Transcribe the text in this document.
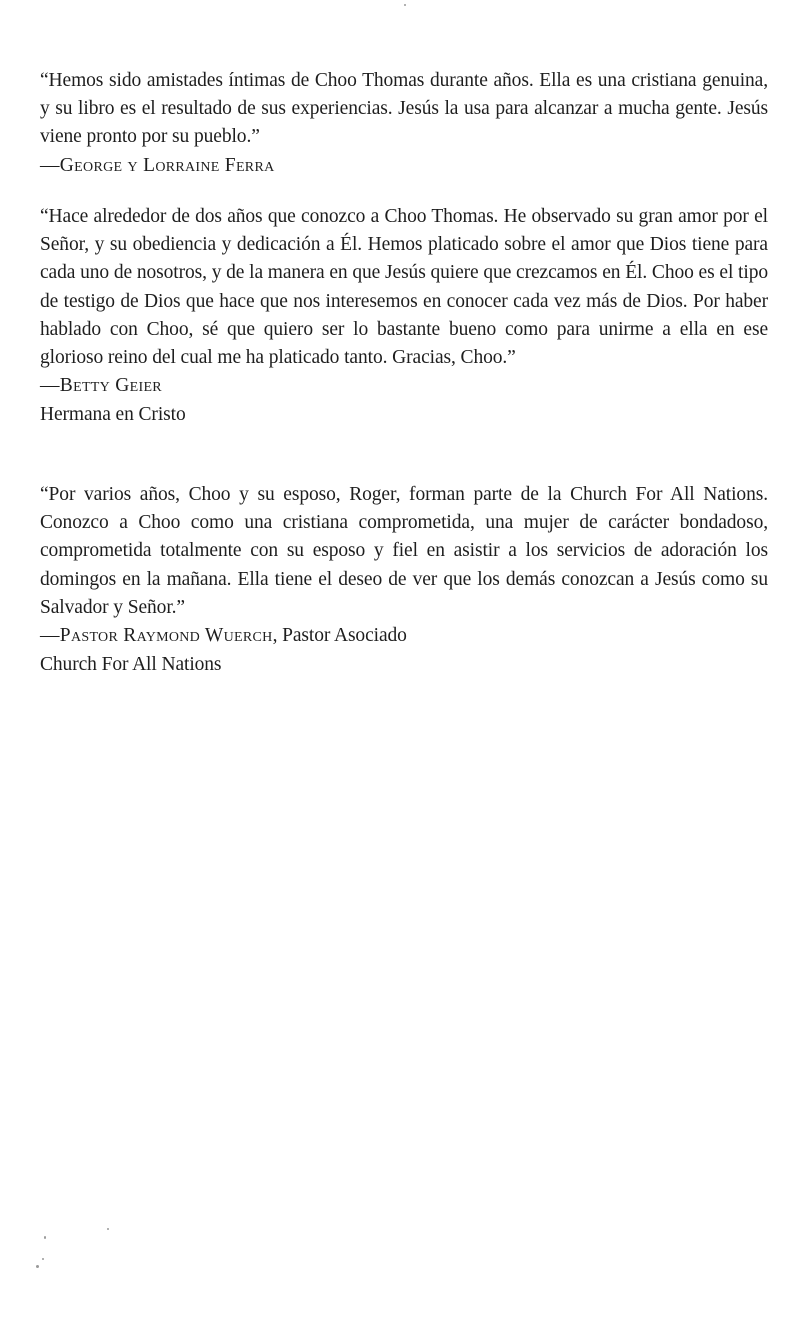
“Hemos sido amistades íntimas de Choo Thomas durante años. Ella es una cristiana genuina, y su libro es el resultado de sus experiencias. Jesús la usa para alcanzar a mucha gente. Jesús viene pronto por su pueblo.”

—George y Lorraine Ferra

“Hace alrededor de dos años que conozco a Choo Thomas. He observado su gran amor por el Señor, y su obediencia y dedicación a Él. Hemos platicado sobre el amor que Dios tiene para cada uno de nosotros, y de la manera en que Jesús quiere que crezcamos en Él. Choo es el tipo de testigo de Dios que hace que nos interesemos en conocer cada vez más de Dios. Por haber hablado con Choo, sé que quiero ser lo bastante bueno como para unirme a ella en ese glorioso reino del cual me ha platicado tanto. Gracias, Choo.”

—Betty Geier

Hermana en Cristo

“Por varios años, Choo y su esposo, Roger, forman parte de la Church For All Nations. Conozco a Choo como una cristiana comprometida, una mujer de carácter bondadoso, comprometida totalmente con su esposo y fiel en asistir a los servicios de adoración los domingos en la mañana. Ella tiene el deseo de ver que los demás conozcan a Jesús como su Salvador y Señor.”

—Pastor Raymond Wuerch, Pastor Asociado

Church For All Nations
